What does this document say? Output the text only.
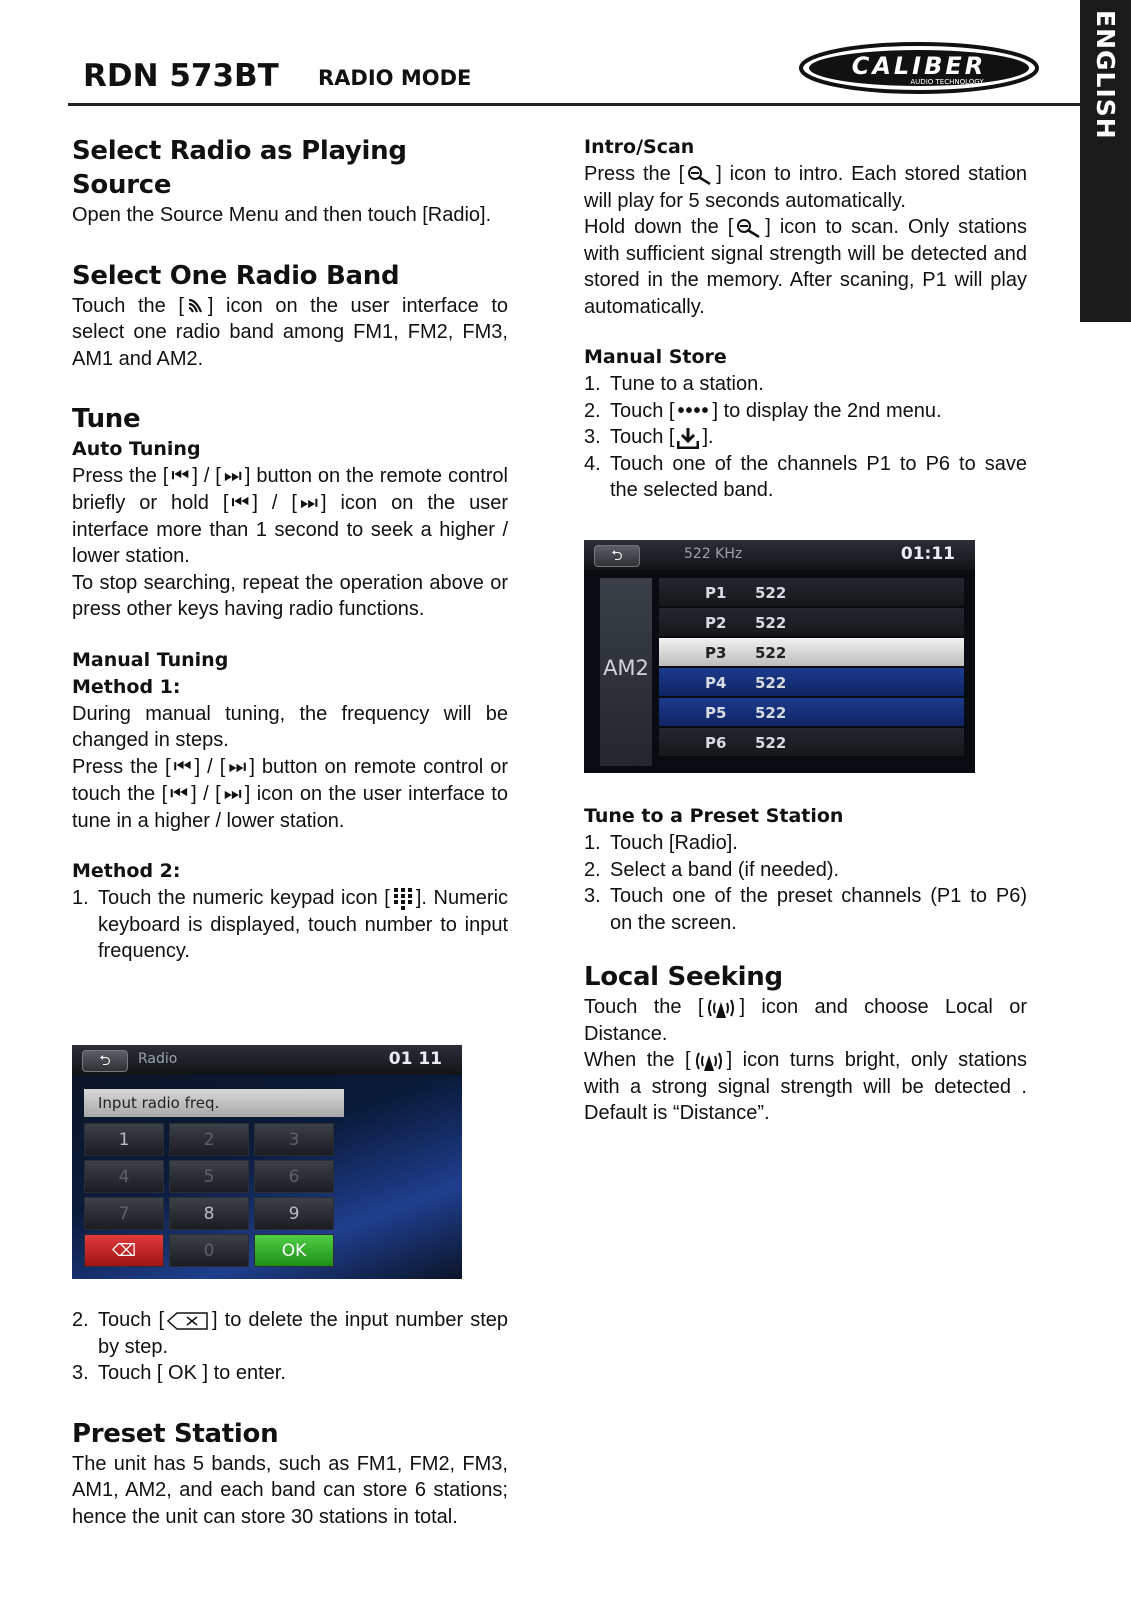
RDN 573BT RADIO MODE	CALIBER
AUDIO TECHNOLOGY	ENGLISH
Select Radio as Playing Source

Open the Source Menu and then touch [Radio].

Select One Radio Band

Touch the [ ] icon on the user interface to select one radio band among FM1, FM2, FM3, AM1 and AM2.

Tune
Auto Tuning

Press the [ ⏮ ] / [ ⏭ ] button on the remote control briefly or hold [ ⏮ ] / [ ⏭ ] icon on the user interface more than 1 second to seek a higher / lower station.

To stop searching, repeat the operation above or press other keys having radio functions.

Manual Tuning
Method 1:

During manual tuning, the frequency will be changed in steps.

Press the [ ⏮ ] / [ ⏭ ] button on remote control or touch the [ ⏮ ] / [ ⏭ ] icon on the user interface to tune in a higher / lower station.

Method 2:
1. Touch the numeric keypad icon [ ]. Numeric keyboard is displayed, touch number to input frequency.
⮌	Radio	01 11
Input radio freq.
1	2	3
4	5	6
7	8	9
⌫	0	OK
2. Touch [ ] to delete the input number step by step.
3. Touch [ OK ] to enter.
Preset Station

The unit has 5 bands, such as FM1, FM2, FM3, AM1, AM2, and each band can store 6 stations; hence the unit can store 30 stations in total.

Intro/Scan

Press the [ ] icon to intro. Each stored station will play for 5 seconds automatically.

Hold down the [ ] icon to scan. Only stations with sufficient signal strength will be detected and stored in the memory. After scaning, P1 will play automatically.

Manual Store
1. Tune to a station.
2. Touch [ •••• ] to display the 2nd menu.
3. Touch [ ].
4. Touch one of the channels P1 to P6 to save the selected band.
⮌	522 KHz	01:11
AM2
P1 522
P2 522
P3 522
P4 522
P5 522
P6 522
Tune to a Preset Station
1. Touch [Radio].
2. Select a band (if needed).
3. Touch one of the preset channels (P1 to P6) on the screen.
Local Seeking

Touch the [ ] icon and choose Local or Distance.

When the [ ] icon turns bright, only stations with a strong signal strength will be detected . Default is “Distance”.
